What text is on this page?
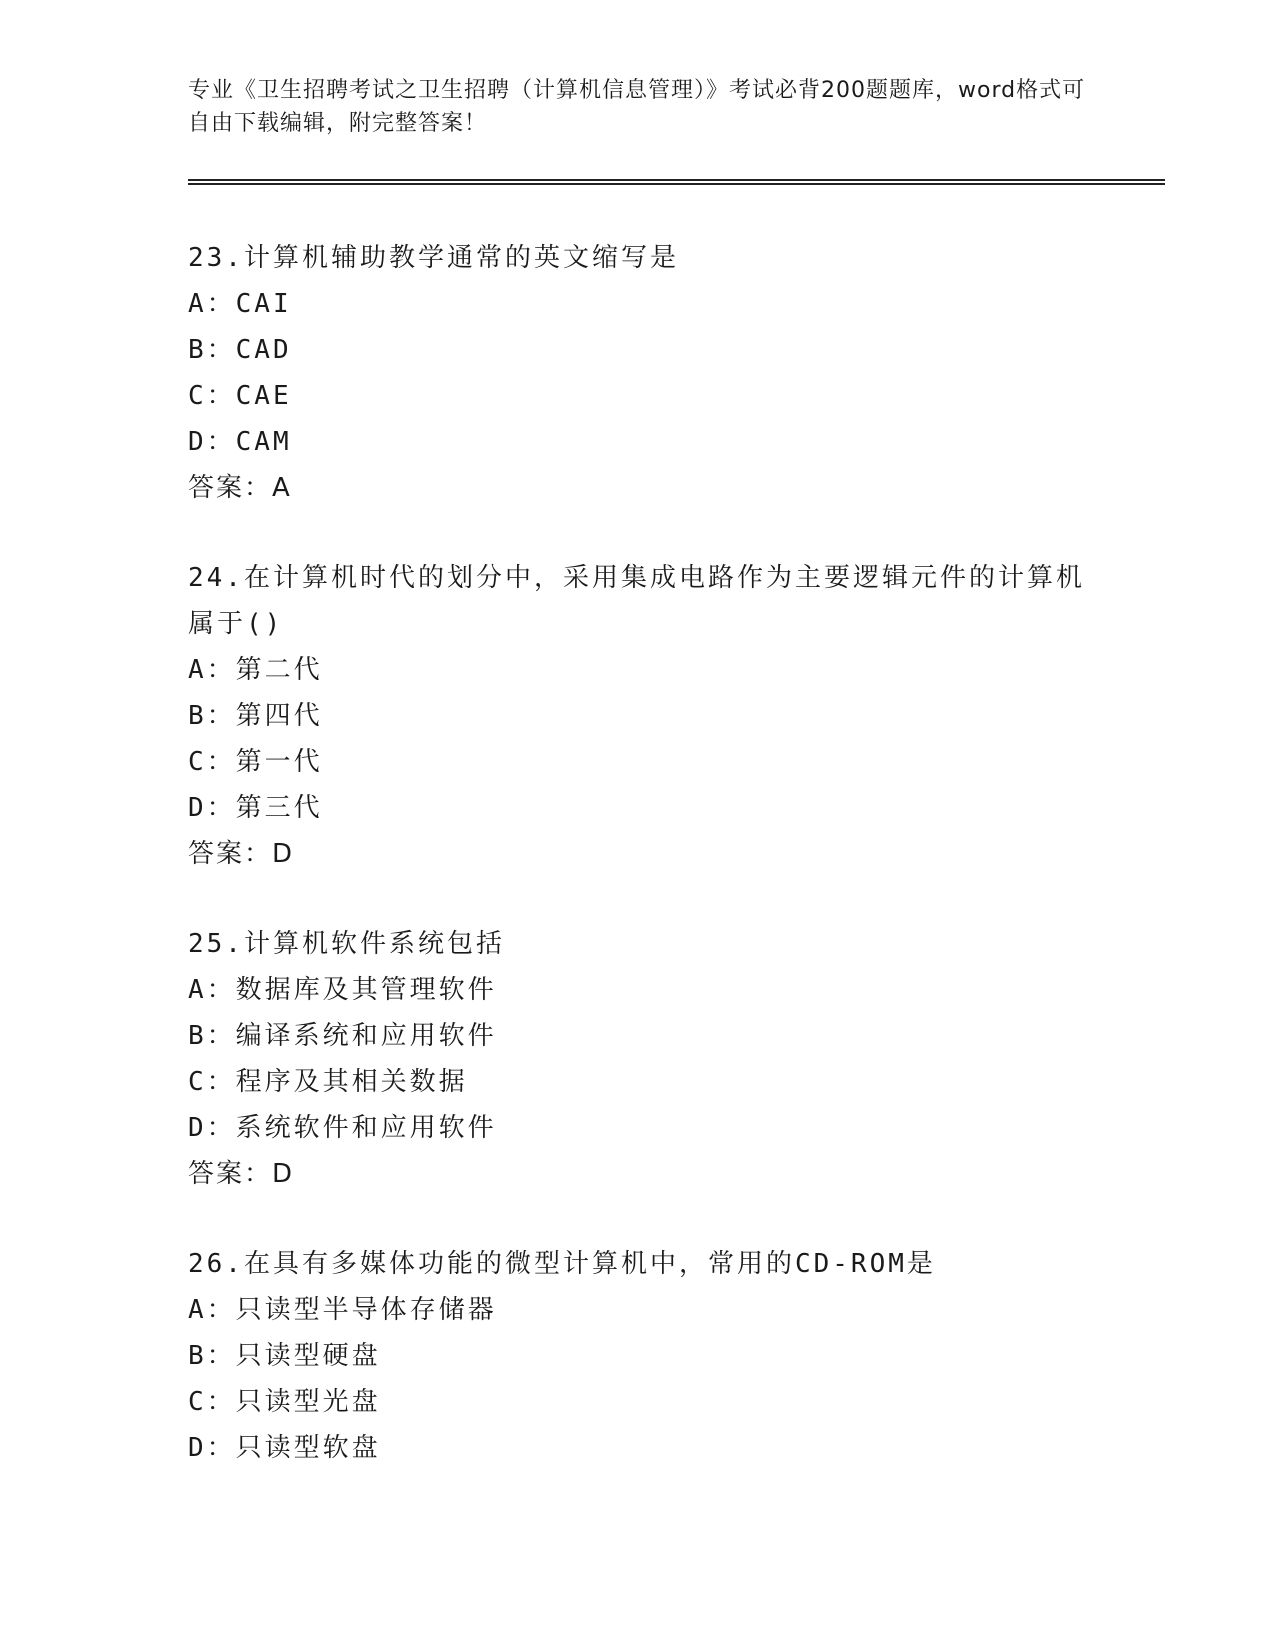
专业《卫生招聘考试之卫生招聘（计算机信息管理）》考试必背200题题库，word格式可自由下载编辑，附完整答案！
23.计算机辅助教学通常的英文缩写是
A：CAI
B：CAD
C：CAE
D：CAM
答案：A
24.在计算机时代的划分中，采用集成电路作为主要逻辑元件的计算机属于()
A：第二代
B：第四代
C：第一代
D：第三代
答案：D
25.计算机软件系统包括
A：数据库及其管理软件
B：编译系统和应用软件
C：程序及其相关数据
D：系统软件和应用软件
答案：D
26.在具有多媒体功能的微型计算机中，常用的CD-ROM是
A：只读型半导体存储器
B：只读型硬盘
C：只读型光盘
D：只读型软盘
